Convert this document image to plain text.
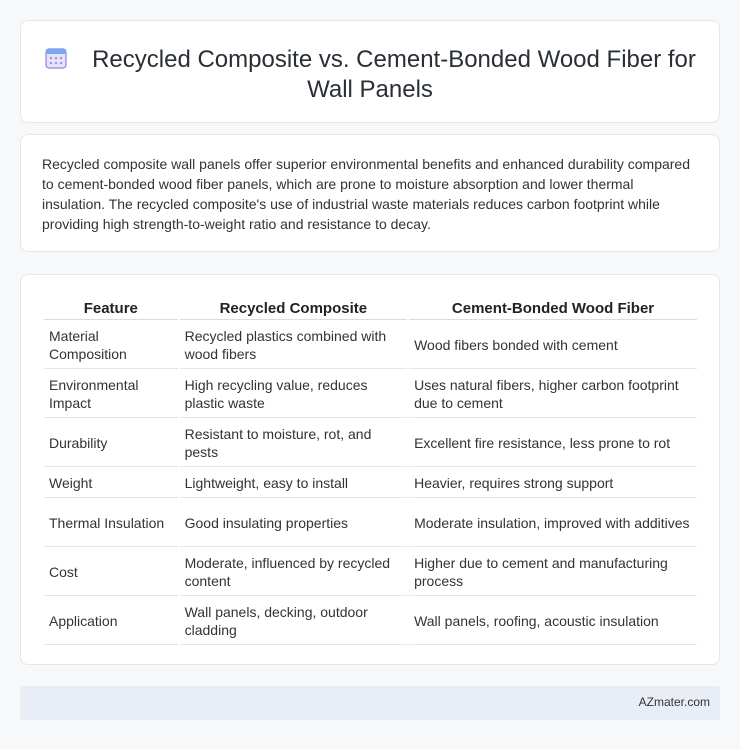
Recycled Composite vs. Cement-Bonded Wood Fiber for Wall Panels

Recycled composite wall panels offer superior environmental benefits and enhanced durability compared to cement-bonded wood fiber panels, which are prone to moisture absorption and lower thermal insulation. The recycled composite's use of industrial waste materials reduces carbon footprint while providing high strength-to-weight ratio and resistance to decay.

Feature	Recycled Composite	Cement-Bonded Wood Fiber
Material Composition	Recycled plastics combined with wood fibers	Wood fibers bonded with cement
Environmental Impact	High recycling value, reduces plastic waste	Uses natural fibers, higher carbon footprint due to cement
Durability	Resistant to moisture, rot, and pests	Excellent fire resistance, less prone to rot
Weight	Lightweight, easy to install	Heavier, requires strong support
Thermal Insulation	Good insulating properties	Moderate insulation, improved with additives
Cost	Moderate, influenced by recycled content	Higher due to cement and manufacturing process
Application	Wall panels, decking, outdoor cladding	Wall panels, roofing, acoustic insulation
AZmater.com
